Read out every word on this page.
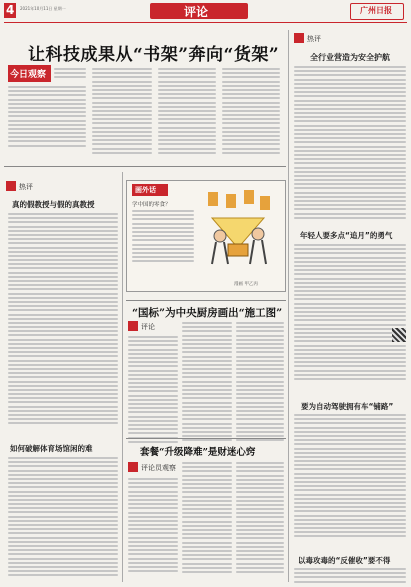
4 2021年10月11日 星期一	评论	广州日报
让科技成果从“书架”奔向“货架”
今日观察
热评
全行业营造为安全护航
年轻人要多点“追月”的勇气
要为自动驾驶拥有车“铺路”
以毒攻毒的“反催收”要不得
热评
真的假教授与假的真教授
如何破解体育场馆闲的难
画外话
学中国的零食？
漫画 甲乙丙
“国标”为中央厨房画出“施工图”
评论
套餐“升级降难”是财迷心窍
评论员观察
